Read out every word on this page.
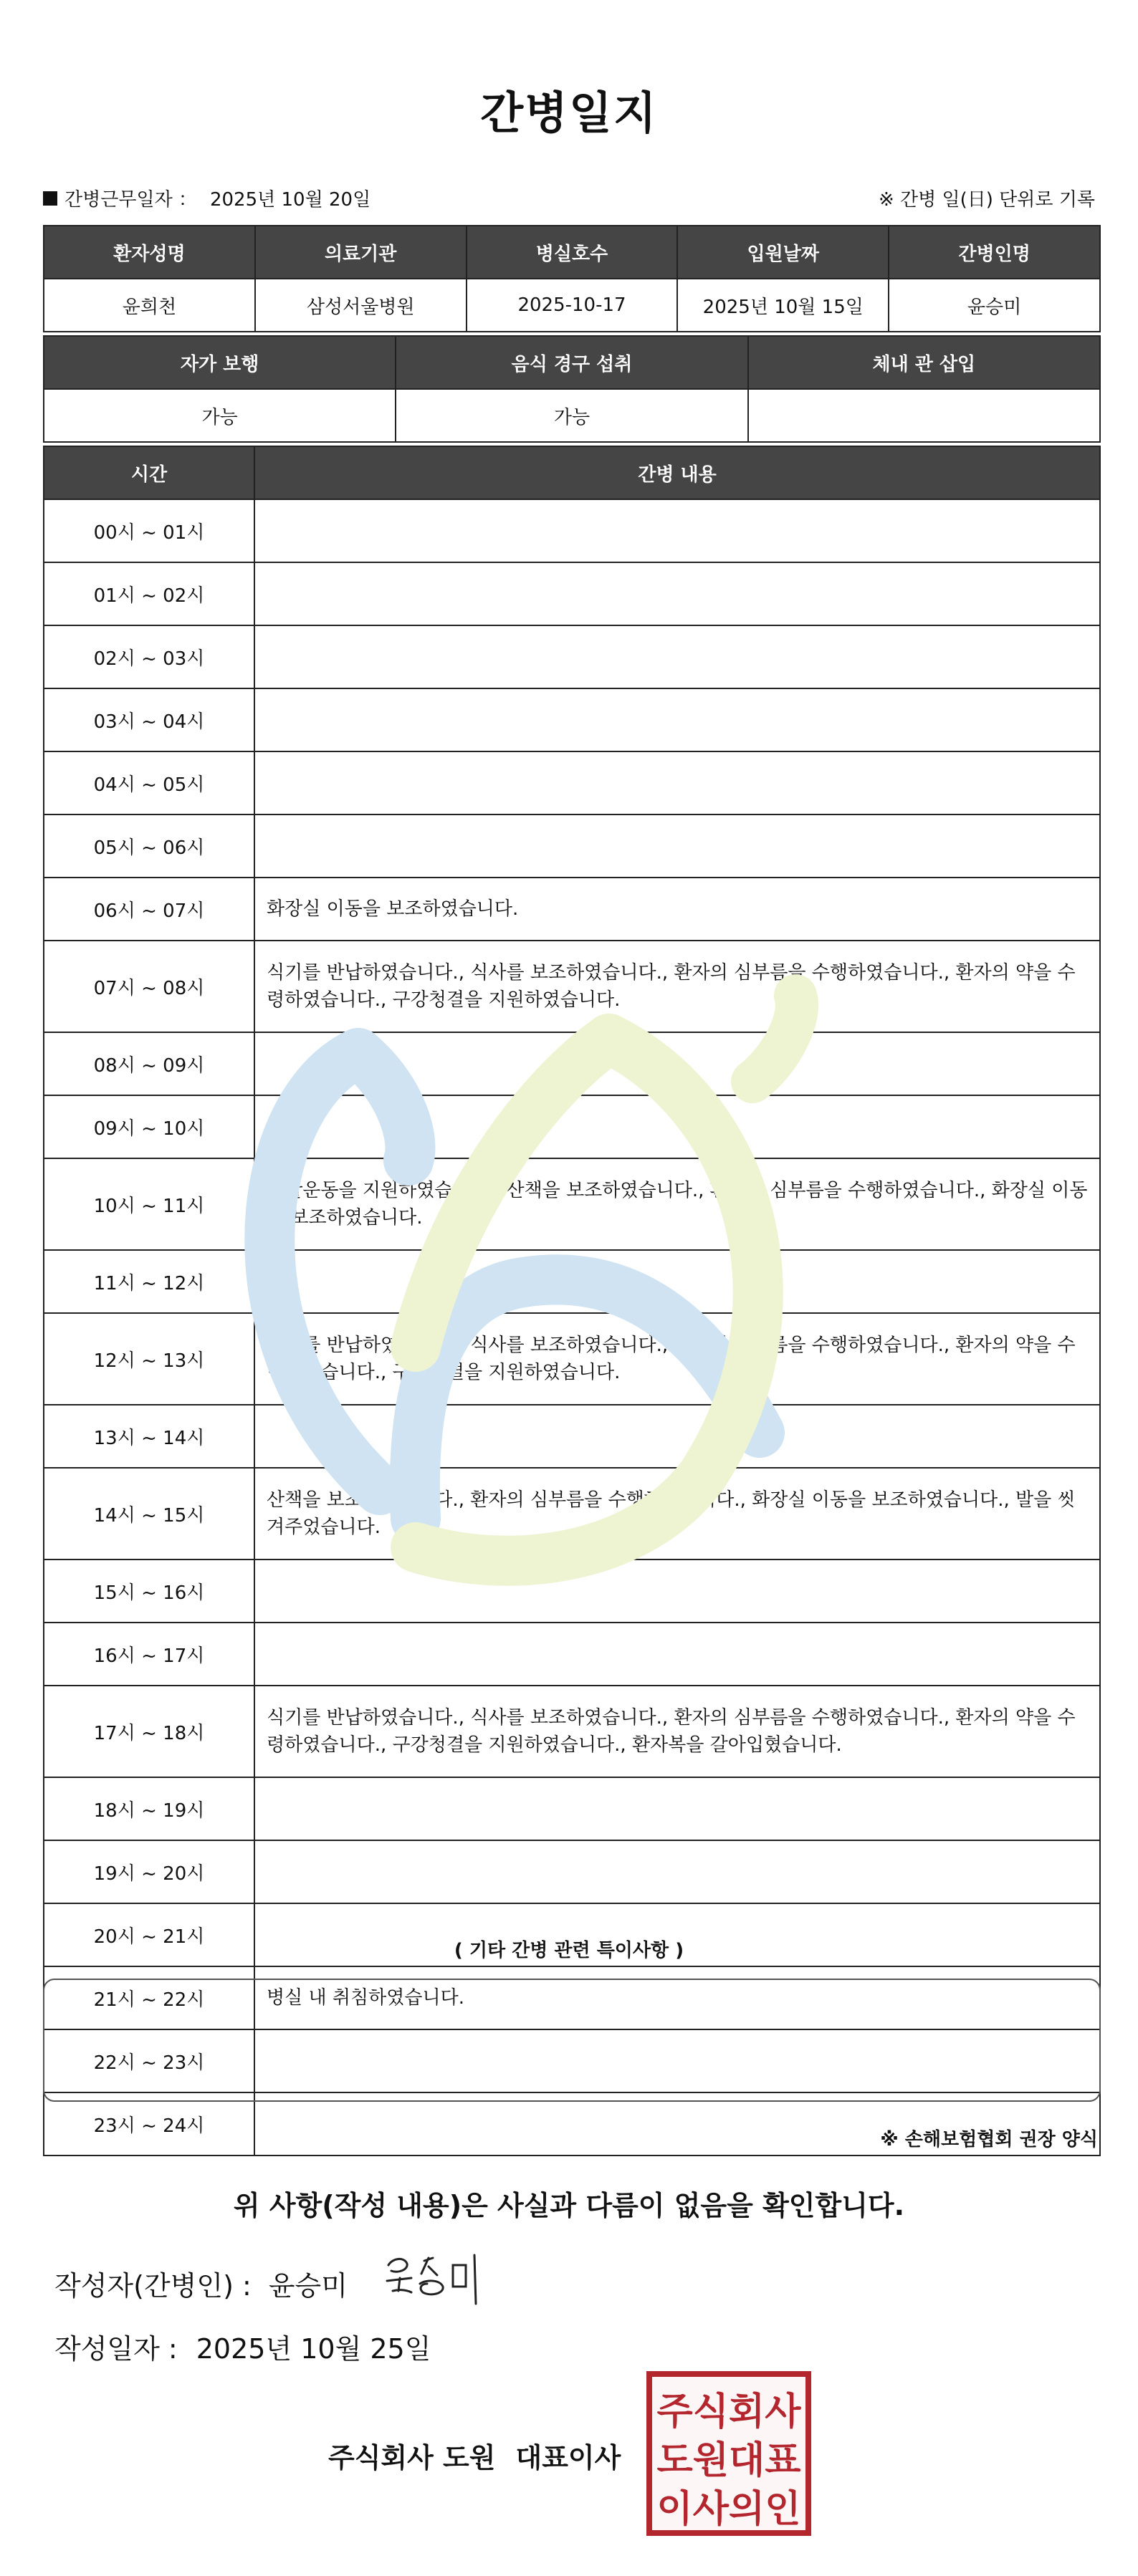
간병일지
간병근무일자 ： 2025년 10월 20일	※ 간병 일(日) 단위로 기록
환자성명	의료기관	병실호수	입원날짜	간병인명
윤희천	삼성서울병원	2025-10-17	2025년 10월 15일	윤승미
자가 보행	음식 경구 섭취	체내 관 삽입
가능	가능	
시간	간병 내용
00시 ~ 01시	
01시 ~ 02시	
02시 ~ 03시	
03시 ~ 04시	
04시 ~ 05시	
05시 ~ 06시	
06시 ~ 07시	화장실 이동을 보조하였습니다.
07시 ~ 08시	식기를 반납하였습니다., 식사를 보조하였습니다., 환자의 심부름을 수행하였습니다., 환자의 약을 수령하였습니다., 구강청결을 지원하였습니다.
08시 ~ 09시	
09시 ~ 10시	
10시 ~ 11시	재활운동을 지원하였습니다., 산책을 보조하였습니다., 환자의 심부름을 수행하였습니다., 화장실 이동을 보조하였습니다.
11시 ~ 12시	
12시 ~ 13시	식기를 반납하였습니다., 식사를 보조하였습니다., 환자의 심부름을 수행하였습니다., 환자의 약을 수령하였습니다., 구강청결을 지원하였습니다.
13시 ~ 14시	
14시 ~ 15시	산책을 보조하였습니다., 환자의 심부름을 수행하였습니다., 화장실 이동을 보조하였습니다., 발을 씻겨주었습니다.
15시 ~ 16시	
16시 ~ 17시	
17시 ~ 18시	식기를 반납하였습니다., 식사를 보조하였습니다., 환자의 심부름을 수행하였습니다., 환자의 약을 수령하였습니다., 구강청결을 지원하였습니다., 환자복을 갈아입혔습니다.
18시 ~ 19시	
19시 ~ 20시	
20시 ~ 21시	
21시 ~ 22시	병실 내 취침하였습니다.
22시 ~ 23시	
23시 ~ 24시	
( 기타 간병 관련 특이사항 )
※ 손해보험협회 권장 양식
위 사항(작성 내용)은 사실과 다름이 없음을 확인합니다.
작성자(간병인) : 윤승미
작성일자 : 2025년 10월 25일
주식회사 도원 대표이사
주식회사
도원대표
이사의인
